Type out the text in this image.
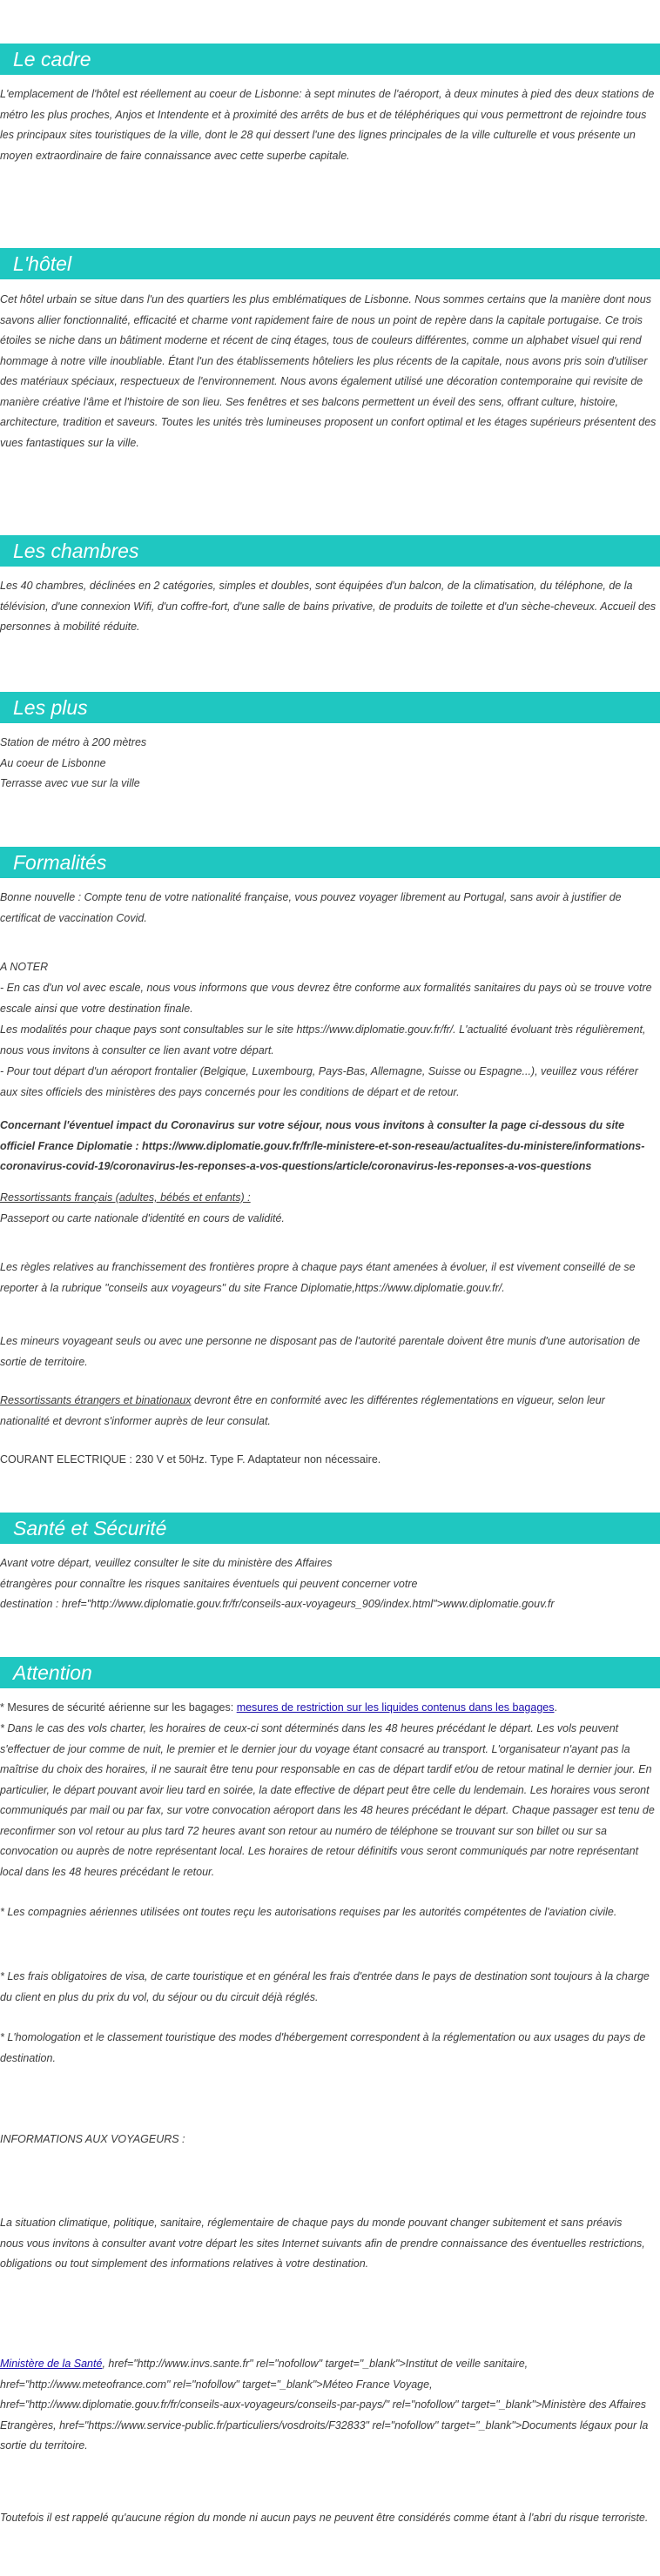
Le cadre
L'emplacement de l'hôtel est réellement au coeur de Lisbonne: à sept minutes de l'aéroport, à deux minutes à pied des deux stations de métro les plus proches, Anjos et Intendente et à proximité des arrêts de bus et de téléphériques qui vous permettront de rejoindre tous les principaux sites touristiques de la ville, dont le 28 qui dessert l'une des lignes principales de la ville culturelle et vous présente un moyen extraordinaire de faire connaissance avec cette superbe capitale.
L'hôtel
Cet hôtel urbain se situe dans l'un des quartiers les plus emblématiques de Lisbonne. Nous sommes certains que la manière dont nous savons allier fonctionnalité, efficacité et charme vont rapidement faire de nous un point de repère dans la capitale portugaise. Ce trois étoiles se niche dans un bâtiment moderne et récent de cinq étages, tous de couleurs différentes, comme un alphabet visuel qui rend hommage à notre ville inoubliable. Étant l'un des établissements hôteliers les plus récents de la capitale, nous avons pris soin d'utiliser des matériaux spéciaux, respectueux de l'environnement. Nous avons également utilisé une décoration contemporaine qui revisite de manière créative l'âme et l'histoire de son lieu. Ses fenêtres et ses balcons permettent un éveil des sens, offrant culture, histoire, architecture, tradition et saveurs. Toutes les unités très lumineuses proposent un confort optimal et les étages supérieurs présentent des vues fantastiques sur la ville.
Les chambres
Les 40 chambres, déclinées en 2 catégories, simples et doubles, sont équipées d'un balcon, de la climatisation, du téléphone, de la télévision, d'une connexion Wifi, d'un coffre-fort, d'une salle de bains privative, de produits de toilette et d'un sèche-cheveux. Accueil des personnes à mobilité réduite.
Les plus
Station de métro à 200 mètres
Au coeur de Lisbonne
Terrasse avec vue sur la ville
Formalités
Bonne nouvelle : Compte tenu de votre nationalité française, vous pouvez voyager librement au Portugal, sans avoir à justifier de certificat de vaccination Covid.
A NOTER
- En cas d'un vol avec escale, nous vous informons que vous devrez être conforme aux formalités sanitaires du pays où se trouve votre escale ainsi que votre destination finale.
Les modalités pour chaque pays sont consultables sur le site https://www.diplomatie.gouv.fr/fr/. L'actualité évoluant très régulièrement, nous vous invitons à consulter ce lien avant votre départ.
- Pour tout départ d'un aéroport frontalier (Belgique, Luxembourg, Pays-Bas, Allemagne, Suisse ou Espagne...), veuillez vous référer aux sites officiels des ministères des pays concernés pour les conditions de départ et de retour.
Concernant l'éventuel impact du Coronavirus sur votre séjour, nous vous invitons à consulter la page ci-dessous du site officiel France Diplomatie : https://www.diplomatie.gouv.fr/fr/le-ministere-et-son-reseau/actualites-du-ministere/informations-coronavirus-covid-19/coronavirus-les-reponses-a-vos-questions/article/coronavirus-les-reponses-a-vos-questions
Ressortissants français (adultes, bébés et enfants) :
Passeport ou carte nationale d'identité en cours de validité.
Les règles relatives au franchissement des frontières propre à chaque pays étant amenées à évoluer, il est vivement conseillé de se reporter à la rubrique "conseils aux voyageurs" du site France Diplomatie,https://www.diplomatie.gouv.fr/.
Les mineurs voyageant seuls ou avec une personne ne disposant pas de l'autorité parentale doivent être munis d'une autorisation de sortie de territoire.
Ressortissants étrangers et binationaux devront être en conformité avec les différentes réglementations en vigueur, selon leur nationalité et devront s'informer auprès de leur consulat.
COURANT ELECTRIQUE : 230 V et 50Hz. Type F. Adaptateur non nécessaire.
Santé et Sécurité
Avant votre départ, veuillez consulter le site du ministère des Affaires
étrangères pour connaître les risques sanitaires éventuels qui peuvent concerner votre
destination : href="http://www.diplomatie.gouv.fr/fr/conseils-aux-voyageurs_909/index.html">www.diplomatie.gouv.fr
Attention
* Mesures de sécurité aérienne sur les bagages: mesures de restriction sur les liquides contenus dans les bagages.
* Dans le cas des vols charter, les horaires de ceux-ci sont déterminés dans les 48 heures précédant le départ. Les vols peuvent s'effectuer de jour comme de nuit, le premier et le dernier jour du voyage étant consacré au transport. L'organisateur n'ayant pas la maîtrise du choix des horaires, il ne saurait être tenu pour responsable en cas de départ tardif et/ou de retour matinal le dernier jour. En particulier, le départ pouvant avoir lieu tard en soirée, la date effective de départ peut être celle du lendemain. Les horaires vous seront communiqués par mail ou par fax, sur votre convocation aéroport dans les 48 heures précédant le départ. Chaque passager est tenu de reconfirmer son vol retour au plus tard 72 heures avant son retour au numéro de téléphone se trouvant sur son billet ou sur sa convocation ou auprès de notre représentant local. Les horaires de retour définitifs vous seront communiqués par notre représentant local dans les 48 heures précédant le retour.
* Les compagnies aériennes utilisées ont toutes reçu les autorisations requises par les autorités compétentes de l'aviation civile.
* Les frais obligatoires de visa, de carte touristique et en général les frais d'entrée dans le pays de destination sont toujours à la charge du client en plus du prix du vol, du séjour ou du circuit déjà réglés.
* L'homologation et le classement touristique des modes d'hébergement correspondent à la réglementation ou aux usages du pays de destination.
INFORMATIONS AUX VOYAGEURS :
La situation climatique, politique, sanitaire, réglementaire de chaque pays du monde pouvant changer subitement et sans préavis
nous vous invitons à consulter avant votre départ les sites Internet suivants afin de prendre connaissance des éventuelles restrictions, obligations ou tout simplement des informations relatives à votre destination.
Ministère de la Santé, href="http://www.invs.sante.fr" rel="nofollow" target="_blank">Institut de veille sanitaire, href="http://www.meteofrance.com" rel="nofollow" target="_blank">Méteo France Voyage, href="http://www.diplomatie.gouv.fr/fr/conseils-aux-voyageurs/conseils-par-pays/" rel="nofollow" target="_blank">Ministère des Affaires Etrangères, href="https://www.service-public.fr/particuliers/vosdroits/F32833" rel="nofollow" target="_blank">Documents légaux pour la sortie du territoire.
Toutefois il est rappelé qu'aucune région du monde ni aucun pays ne peuvent être considérés comme étant à l'abri du risque terroriste.
